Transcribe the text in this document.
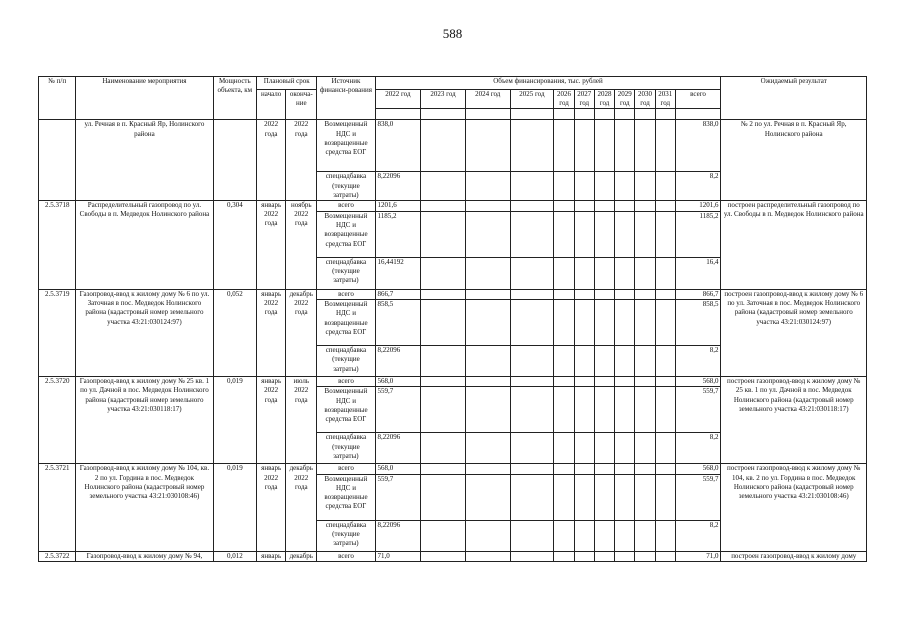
588
№ п/п	Наименование мероприятия	Мощность объекта, км	Плановый срок		Источник финанси-рования	Объем финансирования, тыс. рублей											Ожидаемый результат
			начало	оконча-ние		2022 год	2023 год	2024 год	2025 год	2026 год	2027 год	2028 год	2029 год	2030 год	2031 год	всего	

	ул. Речная в п. Красный Яр, Нолинского района		2022 года	2022 года	Возмещенный НДС и возвращенные средства ЕОГ	838,0										838,0	№ 2 по ул. Речная в п. Красный Яр, Нолинского района
					спецнадбавка (текущие затраты)	8,22096										8,2	
2.5.3718	Распределительный газопровод по ул. Свободы в п. Медведок Нолинского района	0,304	январь 2022 года	ноябрь 2022 года	всего	1201,6										1201,6	построен распределительный газопровод по ул. Свободы в п. Медведок Нолинского района
					Возмещенный НДС и возвращенные средства ЕОГ	1185,2										1185,2	
					спецнадбавка (текущие затраты)	16,44192										16,4	
2.5.3719	Газопровод-ввод к жилому дому № 6 по ул. Заточная в пос. Медведок Нолинского района (кадастровый номер земельного участка 43:21:030124:97)	0,052	январь 2022 года	декабрь 2022 года	всего	866,7										866,7	построен газопровод-ввод к жилому дому № 6 по ул. Заточная в пос. Медведок Нолинского района (кадастровый номер земельного участка 43:21:030124:97)
					Возмещенный НДС и возвращенные средства ЕОГ	858,5										858,5	
					спецнадбавка (текущие затраты)	8,22096										8,2	
2.5.3720	Газопровод-ввод к жилому дому № 25 кв. 1 по ул. Дачной в пос. Медведок Нолинского района (кадастровый номер земельного участка 43:21:030118:17)	0,019	январь 2022 года	июль 2022 года	всего	568,0										568,0	построен газопровод-ввод к жилому дому № 25 кв. 1 по ул. Дачной в пос. Медведок Нолинского района (кадастровый номер земельного участка 43:21:030118:17)
					Возмещенный НДС и возвращенные средства ЕОГ	559,7										559,7	
					спецнадбавка (текущие затраты)	8,22096										8,2	
2.5.3721	Газопровод-ввод к жилому дому № 104, кв. 2 по ул. Гордина в пос. Медведок Нолинского района (кадастровый номер земельного участка 43:21:030108:46)	0,019	январь 2022 года	декабрь 2022 года	всего	568,0										568,0	построен газопровод-ввод к жилому дому № 104, кв. 2 по ул. Гордина в пос. Медведок Нолинского района (кадастровый номер земельного участка 43:21:030108:46)
					Возмещенный НДС и возвращенные средства ЕОГ	559,7										559,7	
					спецнадбавка (текущие затраты)	8,22096										8,2	
2.5.3722	Газопровод-ввод к жилому дому № 94,	0,012	январь	декабрь	всего	71,0										71,0	построен газопровод-ввод к жилому дому
